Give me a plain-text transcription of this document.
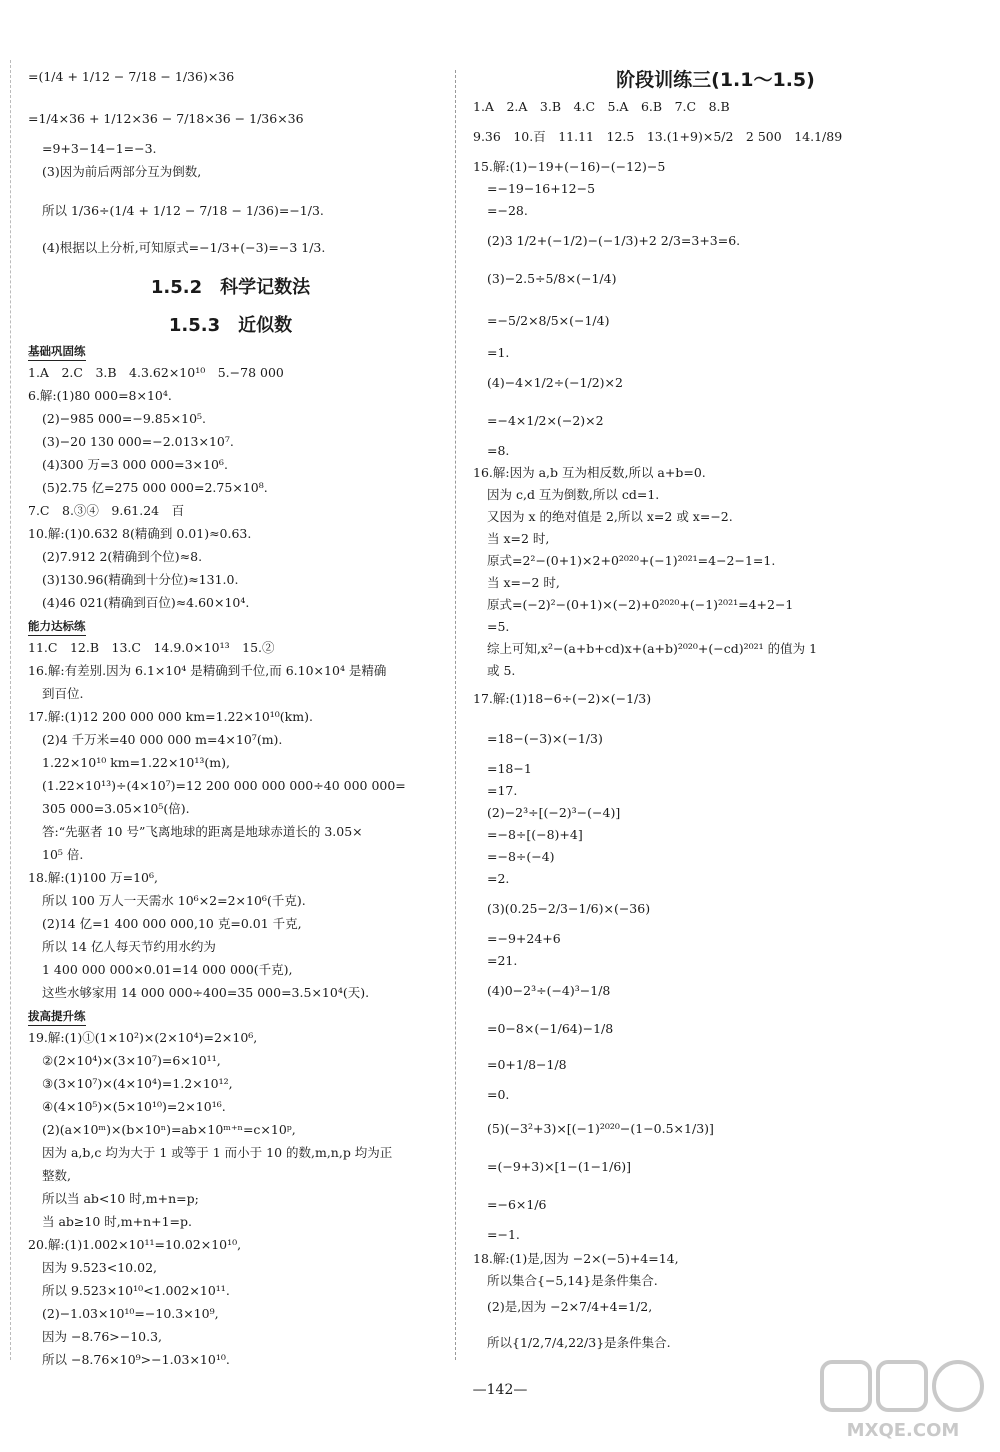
=(1/4 + 1/12 − 7/18 − 1/36)×36
=1/4×36 + 1/12×36 − 7/18×36 − 1/36×36
=9+3−14−1=−3.
(3)因为前后两部分互为倒数,
所以 1/36÷(1/4 + 1/12 − 7/18 − 1/36)=−1/3.
(4)根据以上分析,可知原式=−1/3+(−3)=−3 1/3.
1.5.2　科学记数法
1.5.3　近似数
基础巩固练
1.A　2.C　3.B　4.3.62×10¹⁰　5.−78 000
6.解:(1)80 000=8×10⁴.
(2)−985 000=−9.85×10⁵.
(3)−20 130 000=−2.013×10⁷.
(4)300 万=3 000 000=3×10⁶.
(5)2.75 亿=275 000 000=2.75×10⁸.
7.C　8.③④　9.61.24　百
10.解:(1)0.632 8(精确到 0.01)≈0.63.
(2)7.912 2(精确到个位)≈8.
(3)130.96(精确到十分位)≈131.0.
(4)46 021(精确到百位)≈4.60×10⁴.
能力达标练
11.C　12.B　13.C　14.9.0×10¹³　15.②
16.解:有差别.因为 6.1×10⁴ 是精确到千位,而 6.10×10⁴ 是精确
到百位.
17.解:(1)12 200 000 000 km=1.22×10¹⁰(km).
(2)4 千万米=40 000 000 m=4×10⁷(m).
1.22×10¹⁰ km=1.22×10¹³(m),
(1.22×10¹³)÷(4×10⁷)=12 200 000 000 000÷40 000 000=
305 000=3.05×10⁵(倍).
答:“先驱者 10 号”飞离地球的距离是地球赤道长的 3.05×
10⁵ 倍.
18.解:(1)100 万=10⁶,
所以 100 万人一天需水 10⁶×2=2×10⁶(千克).
(2)14 亿=1 400 000 000,10 克=0.01 千克,
所以 14 亿人每天节约用水约为
1 400 000 000×0.01=14 000 000(千克),
这些水够家用 14 000 000÷400=35 000=3.5×10⁴(天).
拔高提升练
19.解:(1)①(1×10²)×(2×10⁴)=2×10⁶,
②(2×10⁴)×(3×10⁷)=6×10¹¹,
③(3×10⁷)×(4×10⁴)=1.2×10¹²,
④(4×10⁵)×(5×10¹⁰)=2×10¹⁶.
(2)(a×10ᵐ)×(b×10ⁿ)=ab×10ᵐ⁺ⁿ=c×10ᵖ,
因为 a,b,c 均为大于 1 或等于 1 而小于 10 的数,m,n,p 均为正
整数,
所以当 ab<10 时,m+n=p;
当 ab≥10 时,m+n+1=p.
20.解:(1)1.002×10¹¹=10.02×10¹⁰,
因为 9.523<10.02,
所以 9.523×10¹⁰<1.002×10¹¹.
(2)−1.03×10¹⁰=−10.3×10⁹,
因为 −8.76>−10.3,
所以 −8.76×10⁹>−1.03×10¹⁰.
阶段训练三(1.1～1.5)
1.A　2.A　3.B　4.C　5.A　6.B　7.C　8.B
9.36　10.百　11.11　12.5　13.(1+9)×5/2　2 500　14.1/89
15.解:(1)−19+(−16)−(−12)−5
=−19−16+12−5
=−28.
(2)3 1/2+(−1/2)−(−1/3)+2 2/3=3+3=6.
(3)−2.5÷5/8×(−1/4)
=−5/2×8/5×(−1/4)
=1.
(4)−4×1/2÷(−1/2)×2
=−4×1/2×(−2)×2
=8.
16.解:因为 a,b 互为相反数,所以 a+b=0.
因为 c,d 互为倒数,所以 cd=1.
又因为 x 的绝对值是 2,所以 x=2 或 x=−2.
当 x=2 时,
原式=2²−(0+1)×2+0²⁰²⁰+(−1)²⁰²¹=4−2−1=1.
当 x=−2 时,
原式=(−2)²−(0+1)×(−2)+0²⁰²⁰+(−1)²⁰²¹=4+2−1
=5.
综上可知,x²−(a+b+cd)x+(a+b)²⁰²⁰+(−cd)²⁰²¹ 的值为 1
或 5.
17.解:(1)18−6÷(−2)×(−1/3)
=18−(−3)×(−1/3)
=18−1
=17.
(2)−2³÷[(−2)³−(−4)]
=−8÷[(−8)+4]
=−8÷(−4)
=2.
(3)(0.25−2/3−1/6)×(−36)
=−9+24+6
=21.
(4)0−2³÷(−4)³−1/8
=0−8×(−1/64)−1/8
=0+1/8−1/8
=0.
(5)(−3²+3)×[(−1)²⁰²⁰−(1−0.5×1/3)]
=(−9+3)×[1−(1−1/6)]
=−6×1/6
=−1.
18.解:(1)是,因为 −2×(−5)+4=14,
所以集合{−5,14}是条件集合.
(2)是,因为 −2×7/4+4=1/2,
所以{1/2,7/4,22/3}是条件集合.
—142—
MXQE.COM
